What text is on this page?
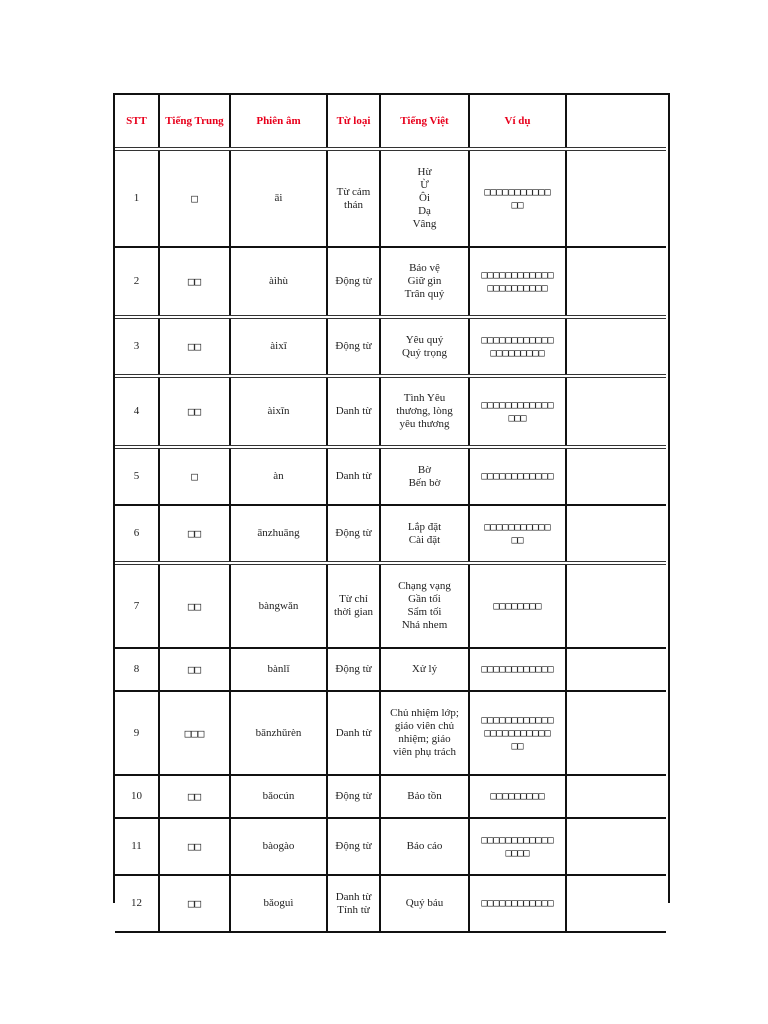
STT	Tiếng Trung	Phiên âm	Từ loại	Tiếng Việt	Ví dụ	
1	□	āi	Từ cảm thán	Hừ
Ừ
Ôi
Dạ
Vâng	□□□□□□□□□□□
□□	

2	□□	àihù	Động từ	Bảo vệ
Giữ gìn
Trân quý	□□□□□□□□□□□□
□□□□□□□□□□	

3	□□	àixī	Động từ	Yêu quý
Quý trọng	□□□□□□□□□□□□
□□□□□□□□□	

4	□□	àixīn	Danh từ	Tình Yêu
thương, lòng
yêu thương	□□□□□□□□□□□□
□□□	

5	□	àn	Danh từ	Bờ
Bến bờ	□□□□□□□□□□□□	

6	□□	ānzhuāng	Động từ	Lắp đặt
Cài đặt	□□□□□□□□□□□
□□	

7	□□	bàngwǎn	Từ chỉ thời gian	Chạng vạng
Gần tối
Sẩm tối
Nhá nhem	□□□□□□□□	

8	□□	bànlǐ	Động từ	Xử lý	□□□□□□□□□□□□	

9	□□□	bānzhǔrèn	Danh từ	Chủ nhiệm lớp;
giáo viên chủ
nhiệm; giáo
viên phụ trách	□□□□□□□□□□□□
□□□□□□□□□□□
□□	

10	□□	bǎocún	Động từ	Bảo tồn	□□□□□□□□□	

11	□□	bàogào	Động từ	Báo cáo	□□□□□□□□□□□□
□□□□	

12	□□	bǎoguì	Danh từ Tính từ	Quý báu	□□□□□□□□□□□□	
